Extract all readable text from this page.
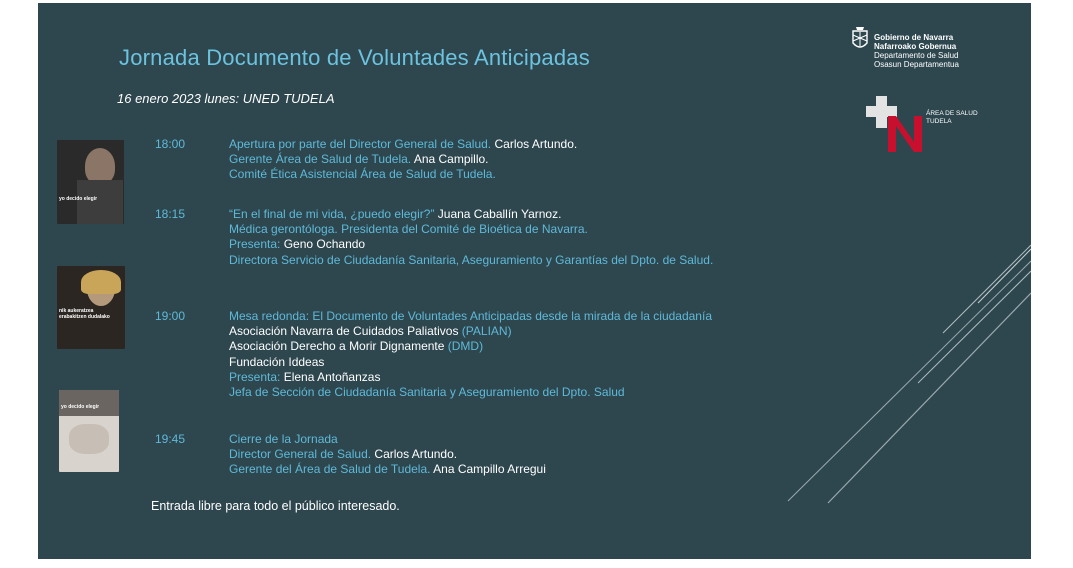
Jornada Documento de Voluntades Anticipadas
16 enero 2023 lunes: UNED TUDELA
Gobierno de Navarra
Nafarroako Gobernua
Departamento de Salud
Osasun Departamentua
ÁREA DE SALUD
TUDELA
yo decido elegir
nik aukeratzea erabakitzen dudalako
yo decido elegir
18:00	Apertura por parte del Director General de Salud. Carlos Artundo.
Gerente Área de Salud de Tudela. Ana Campillo.
Comité Ética Asistencial Área de Salud de Tudela.
18:15	“En el final de mi vida, ¿puedo elegir?” Juana Caballín Yarnoz.
Médica gerontóloga. Presidenta del Comité de Bioética de Navarra.
Presenta: Geno Ochando
Directora Servicio de Ciudadanía Sanitaria, Aseguramiento y Garantías del Dpto. de Salud.
19:00	Mesa redonda: El Documento de Voluntades Anticipadas desde la mirada de la ciudadanía
Asociación Navarra de Cuidados Paliativos (PALIAN)
Asociación Derecho a Morir Dignamente (DMD)
Fundación Iddeas
Presenta: Elena Antoñanzas
Jefa de Sección de Ciudadanía Sanitaria y Aseguramiento del Dpto. Salud
19:45	Cierre de la Jornada
Director General de Salud. Carlos Artundo.
Gerente del Área de Salud de Tudela. Ana Campillo Arregui
Entrada libre para todo el público interesado.
